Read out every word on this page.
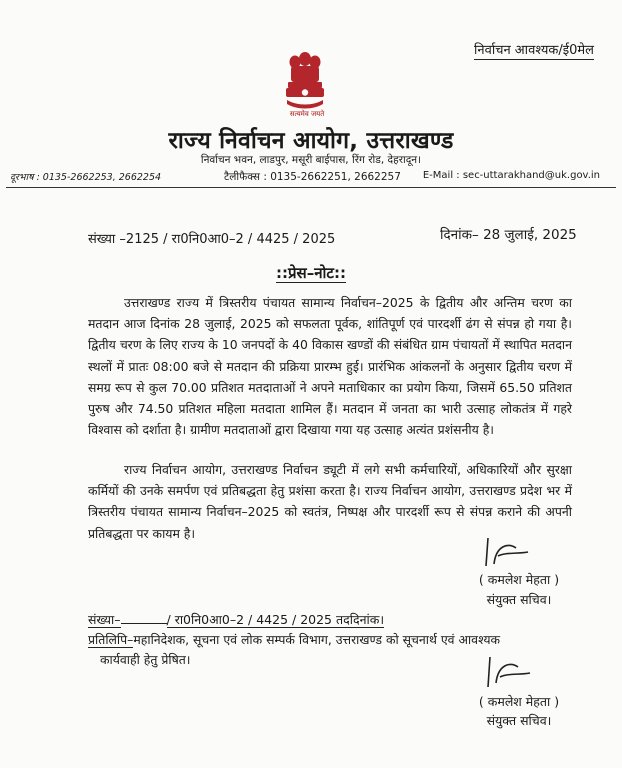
निर्वाचन आवश्यक/ई0मेल
सत्यमेव जयते
राज्य निर्वाचन आयोग, उत्तराखण्ड
निर्वाचन भवन, लाडपुर, मसूरी बाईपास, रिंग रोड, देहरादून।
दूरभाष : 0135-2662253, 2662254	टैलीफैक्स : 0135-2662251, 2662257 E-Mail : sec-uttarakhand@uk.gov.in
संख्या –2125 / रा0नि0आ0–2 / 4425 / 2025	दिनांक– 28 जुलाई, 2025
::प्रेस–नोट::
उत्तराखण्ड राज्य में त्रिस्तरीय पंचायत सामान्य निर्वाचन–2025 के द्वितीय और अन्तिम चरण का मतदान आज दिनांक 28 जुलाई, 2025 को सफलता पूर्वक, शांतिपूर्ण एवं पारदर्शी ढंग से संपन्न हो गया है। द्वितीय चरण के लिए राज्य के 10 जनपदों के 40 विकास खण्डों की संबंधित ग्राम पंचायतों में स्थापित मतदान स्थलों में प्रातः 08:00 बजे से मतदान की प्रक्रिया प्रारम्भ हुई। प्रारंभिक आंकलनों के अनुसार द्वितीय चरण में समग्र रूप से कुल 70.00 प्रतिशत मतदाताओं ने अपने मताधिकार का प्रयोग किया, जिसमें 65.50 प्रतिशत पुरुष और 74.50 प्रतिशत महिला मतदाता शामिल हैं। मतदान में जनता का भारी उत्साह लोकतंत्र में गहरे विश्वास को दर्शाता है। ग्रामीण मतदाताओं द्वारा दिखाया गया यह उत्साह अत्यंत प्रशंसनीय है।
राज्य निर्वाचन आयोग, उत्तराखण्ड निर्वाचन ड्यूटी में लगे सभी कर्मचारियों, अधिकारियों और सुरक्षा कर्मियों की उनके समर्पण एवं प्रतिबद्धता हेतु प्रशंसा करता है। राज्य निर्वाचन आयोग, उत्तराखण्ड प्रदेश भर में त्रिस्तरीय पंचायत सामान्य निर्वाचन–2025 को स्वतंत्र, निष्पक्ष और पारदर्शी रूप से संपन्न कराने की अपनी प्रतिबद्धता पर कायम है।
( कमलेश मेहता )
संयुक्त सचिव।
संख्या–	/ रा0नि0आ0–2 / 4425 / 2025 तददिनांक।
प्रतिलिपि–महानिदेशक, सूचना एवं लोक सम्पर्क विभाग, उत्तराखण्ड को सूचनार्थ एवं आवश्यक
कार्यवाही हेतु प्रेषित।
( कमलेश मेहता )
संयुक्त सचिव।
